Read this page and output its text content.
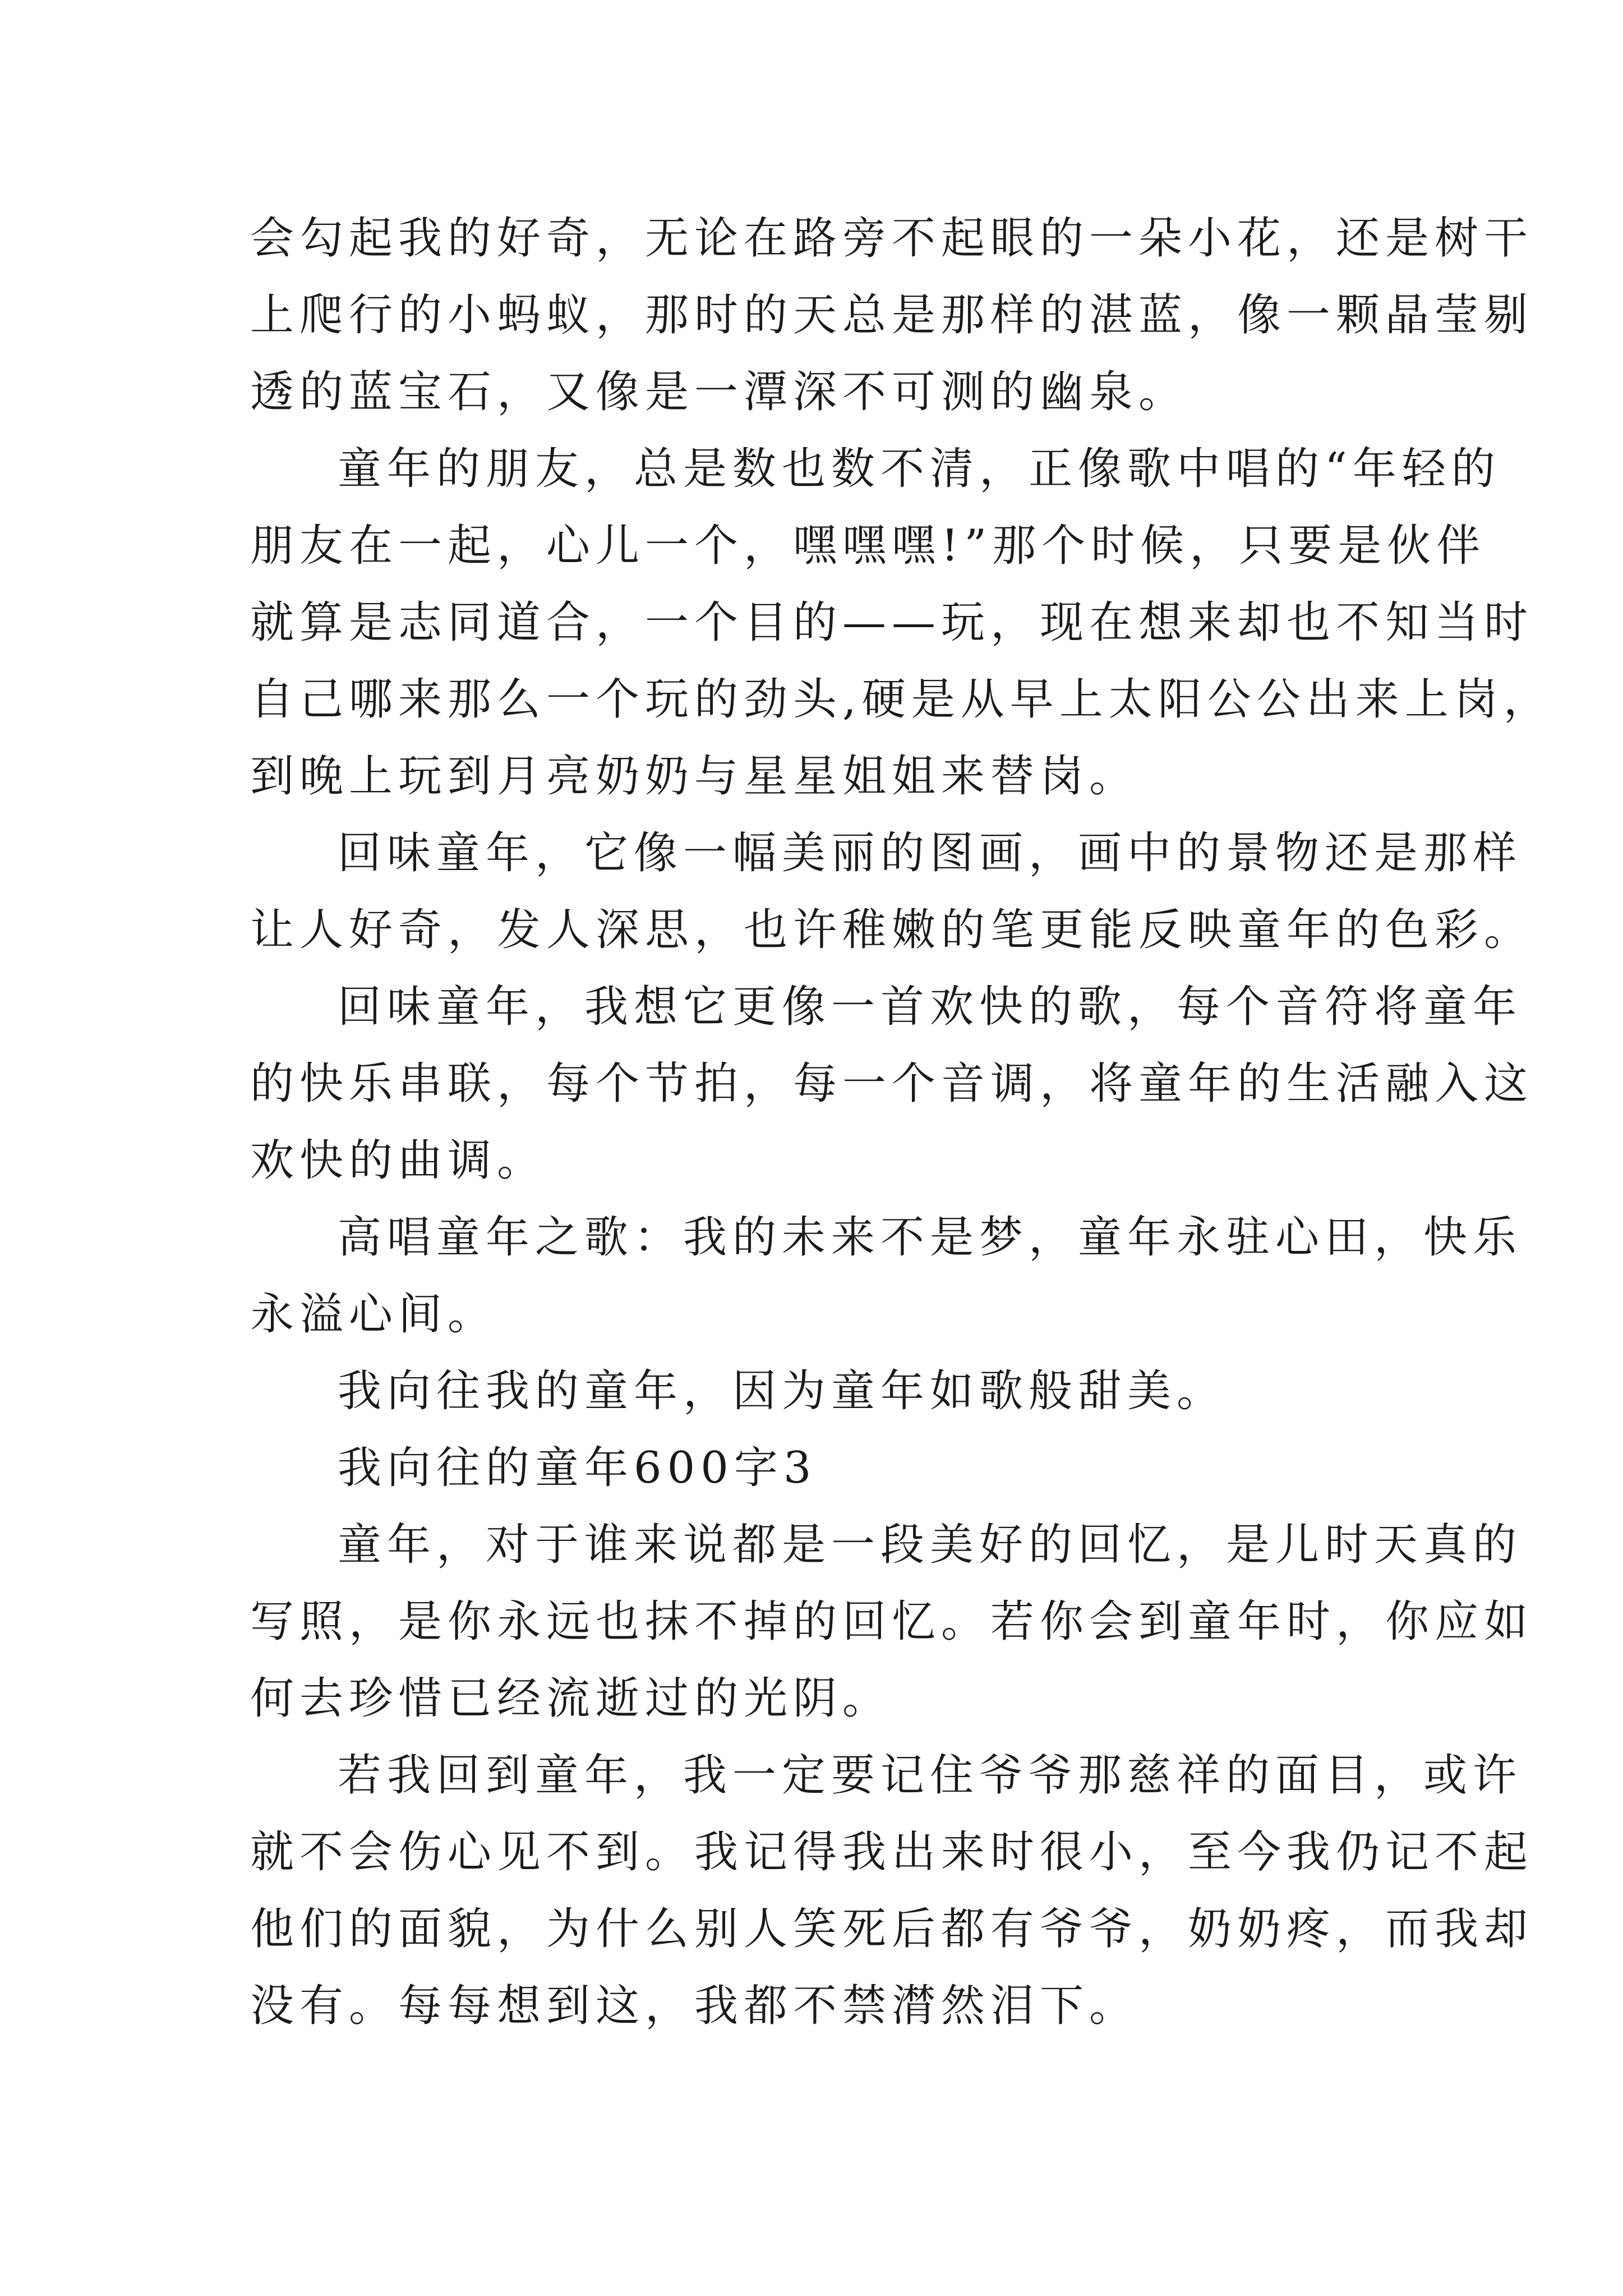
会勾起我的好奇，无论在路旁不起眼的一朵小花，还是树干
上爬行的小蚂蚁，那时的天总是那样的湛蓝，像一颗晶莹剔
透的蓝宝石，又像是一潭深不可测的幽泉。
童年的朋友，总是数也数不清，正像歌中唱的“年轻的
朋友在一起，心儿一个，嘿嘿嘿!”那个时候，只要是伙伴
就算是志同道合，一个目的——玩，现在想来却也不知当时
自己哪来那么一个玩的劲头,硬是从早上太阳公公出来上岗，
到晚上玩到月亮奶奶与星星姐姐来替岗。
回味童年，它像一幅美丽的图画，画中的景物还是那样
让人好奇，发人深思，也许稚嫩的笔更能反映童年的色彩。
回味童年，我想它更像一首欢快的歌，每个音符将童年
的快乐串联，每个节拍，每一个音调，将童年的生活融入这
欢快的曲调。
高唱童年之歌：我的未来不是梦，童年永驻心田，快乐
永溢心间。
我向往我的童年，因为童年如歌般甜美。
我向往的童年600字3
童年，对于谁来说都是一段美好的回忆，是儿时天真的
写照，是你永远也抹不掉的回忆。若你会到童年时，你应如
何去珍惜已经流逝过的光阴。
若我回到童年，我一定要记住爷爷那慈祥的面目，或许
就不会伤心见不到。我记得我出来时很小，至今我仍记不起
他们的面貌，为什么别人笑死后都有爷爷，奶奶疼，而我却
没有。每每想到这，我都不禁潸然泪下。
